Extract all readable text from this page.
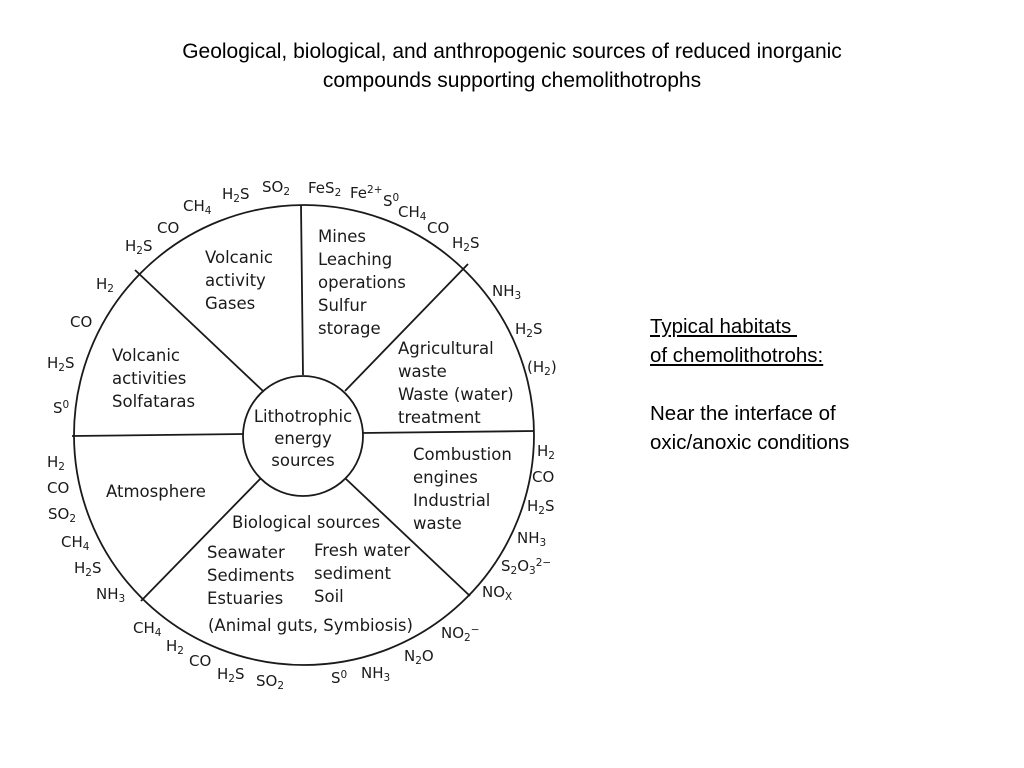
Geological, biological, and anthropogenic sources of reduced inorganic
compounds supporting chemolithotrophs
Lithotrophic energy sources
Volcanic activity Gases
Mines Leaching operations Sulfur storage
Agricultural waste Waste (water) treatment
Combustion engines Industrial waste
Biological sources
Seawater Sediments Estuaries
Fresh water sediment Soil
(Animal guts, Symbiosis)
Atmosphere
Volcanic activities Solfataras
CH4
H2S SO2 FeS2 Fe2+
S0
CH4
CO
H2S
NH3
H2S
(H2)
H2
CO
H2S
NH3
S2O32−
NOX
NO2−
N2O
NH3
S0
SO2
H2S
CO
H2
CH4
NH3
H2S
CH4
SO2
CO
H2
S0
H2S
CO
H2
H2S
CO
Typical habitats
of chemolithotrohs:
Near the interface of
oxic/anoxic conditions
